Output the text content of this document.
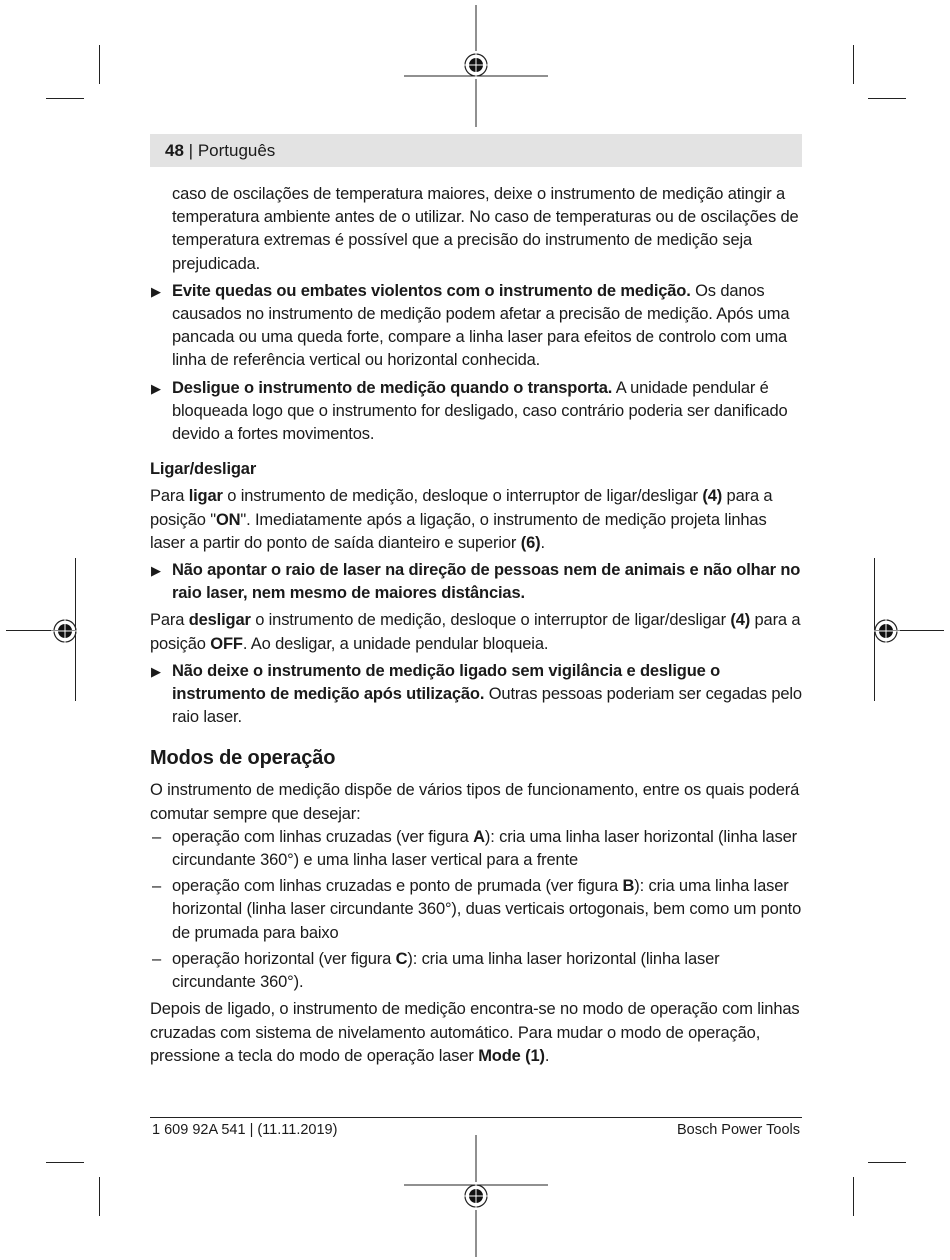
48 | Português

caso de oscilações de temperatura maiores, deixe o instrumento de medição atingir a temperatura ambiente antes de o utilizar. No caso de temperaturas ou de oscilações de temperatura extremas é possível que a precisão do instrumento de medição seja prejudicada.

▶ Evite quedas ou embates violentos com o instrumento de medição. Os danos causados no instrumento de medição podem afetar a precisão de medição. Após uma pancada ou uma queda forte, compare a linha laser para efeitos de controlo com uma linha de referência vertical ou horizontal conhecida.

▶ Desligue o instrumento de medição quando o transporta. A unidade pendular é bloqueada logo que o instrumento for desligado, caso contrário poderia ser danificado devido a fortes movimentos.

Ligar/desligar

Para ligar o instrumento de medição, desloque o interruptor de ligar/desligar (4) para a posição "ON". Imediatamente após a ligação, o instrumento de medição projeta linhas laser a partir do ponto de saída dianteiro e superior (6).

▶ Não apontar o raio de laser na direção de pessoas nem de animais e não olhar no raio laser, nem mesmo de maiores distâncias.

Para desligar o instrumento de medição, desloque o interruptor de ligar/desligar (4) para a posição OFF. Ao desligar, a unidade pendular bloqueia.

▶ Não deixe o instrumento de medição ligado sem vigilância e desligue o instrumento de medição após utilização. Outras pessoas poderiam ser cegadas pelo raio laser.

Modos de operação

O instrumento de medição dispõe de vários tipos de funcionamento, entre os quais poderá comutar sempre que desejar:

– operação com linhas cruzadas (ver figura A): cria uma linha laser horizontal (linha laser circundante 360°) e uma linha laser vertical para a frente

– operação com linhas cruzadas e ponto de prumada (ver figura B): cria uma linha laser horizontal (linha laser circundante 360°), duas verticais ortogonais, bem como um ponto de prumada para baixo

– operação horizontal (ver figura C): cria uma linha laser horizontal (linha laser circundante 360°).

Depois de ligado, o instrumento de medição encontra-se no modo de operação com linhas cruzadas com sistema de nivelamento automático. Para mudar o modo de operação, pressione a tecla do modo de operação laser Mode (1).

1 609 92A 541 | (11.11.2019)	Bosch Power Tools
